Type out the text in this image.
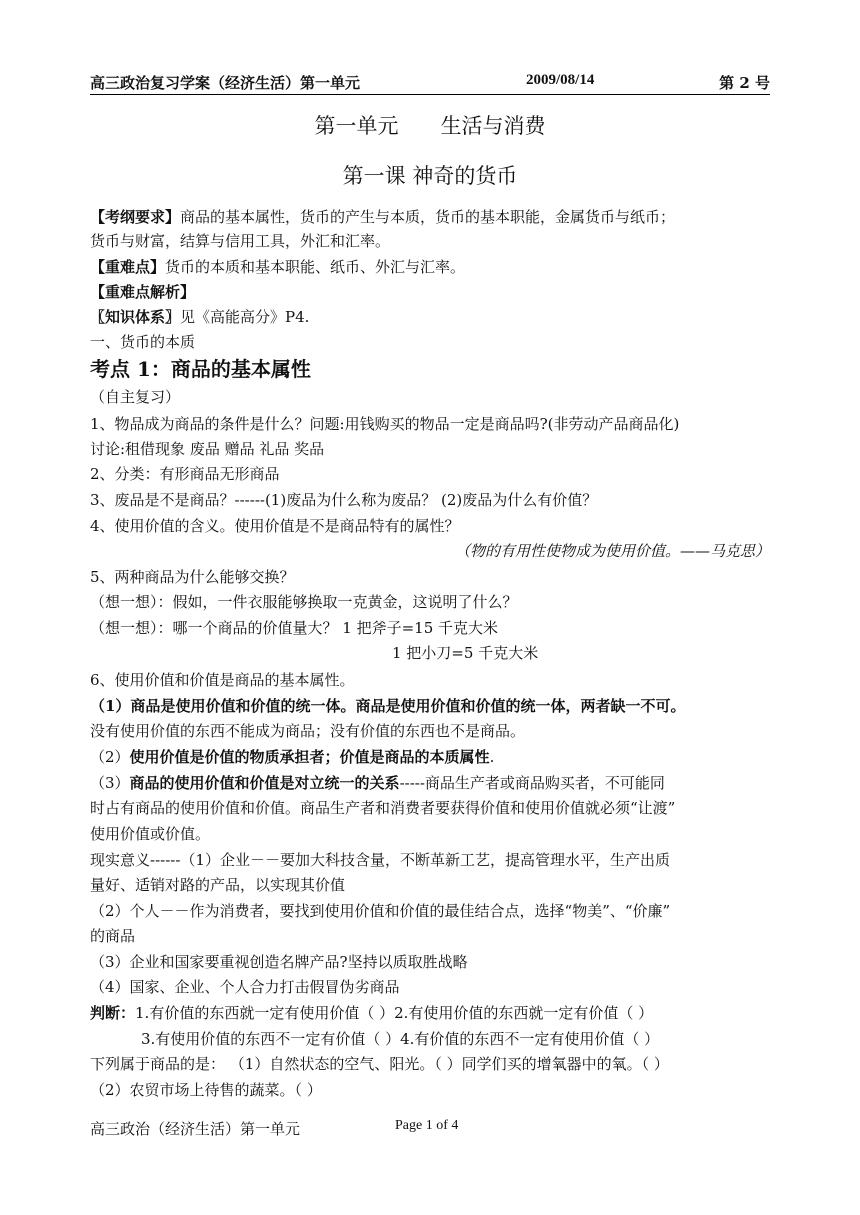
高三政治复习学案（经济生活）第一单元	2009/08/14	第 2 号
第一单元 生活与消费
第一课 神奇的货币
【考纲要求】商品的基本属性，货币的产生与本质，货币的基本职能，金属货币与纸币；
货币与财富，结算与信用工具，外汇和汇率。
【重难点】货币的本质和基本职能、纸币、外汇与汇率。
【重难点解析】
〖知识体系〗见《高能高分》P4.
一、货币的本质
考点 1：商品的基本属性
（自主复习）
1、物品成为商品的条件是什么？问题:用钱购买的物品一定是商品吗?(非劳动产品商品化)
讨论:租借现象 废品 赠品 礼品 奖品
2、分类：有形商品无形商品
3、废品是不是商品？------(1)废品为什么称为废品？ (2)废品为什么有价值？
4、使用价值的含义。使用价值是不是商品特有的属性？
（物的有用性使物成为使用价值。——马克思）
5、两种商品为什么能够交换？
（想一想）：假如，一件衣服能够换取一克黄金，这说明了什么？
（想一想）：哪一个商品的价值量大？ 1 把斧子=15 千克大米
1 把小刀=5 千克大米
6、使用价值和价值是商品的基本属性。
（1）商品是使用价值和价值的统一体。商品是使用价值和价值的统一体，两者缺一不可。
没有使用价值的东西不能成为商品；没有价值的东西也不是商品。
（2）使用价值是价值的物质承担者；价值是商品的本质属性.
（3）商品的使用价值和价值是对立统一的关系-----商品生产者或商品购买者，不可能同
时占有商品的使用价值和价值。商品生产者和消费者要获得价值和使用价值就必须“让渡”
使用价值或价值。
现实意义------（1）企业－－要加大科技含量，不断革新工艺，提高管理水平，生产出质
量好、适销对路的产品，以实现其价值
（2）个人－－作为消费者，要找到使用价值和价值的最佳结合点，选择“物美”、“价廉”
的商品
（3）企业和国家要重视创造名牌产品?坚持以质取胜战略
（4）国家、企业、个人合力打击假冒伪劣商品
判断：1.有价值的东西就一定有使用价值（ ）2.有使用价值的东西就一定有价值（ ）
3.有使用价值的东西不一定有价值（ ）4.有价值的东西不一定有使用价值（ ）
下列属于商品的是： （1）自然状态的空气、阳光。（ ）同学们买的增氧器中的氧。（ ）
（2）农贸市场上待售的蔬菜。（ ）
高三政治（经济生活）第一单元	Page 1 of 4
